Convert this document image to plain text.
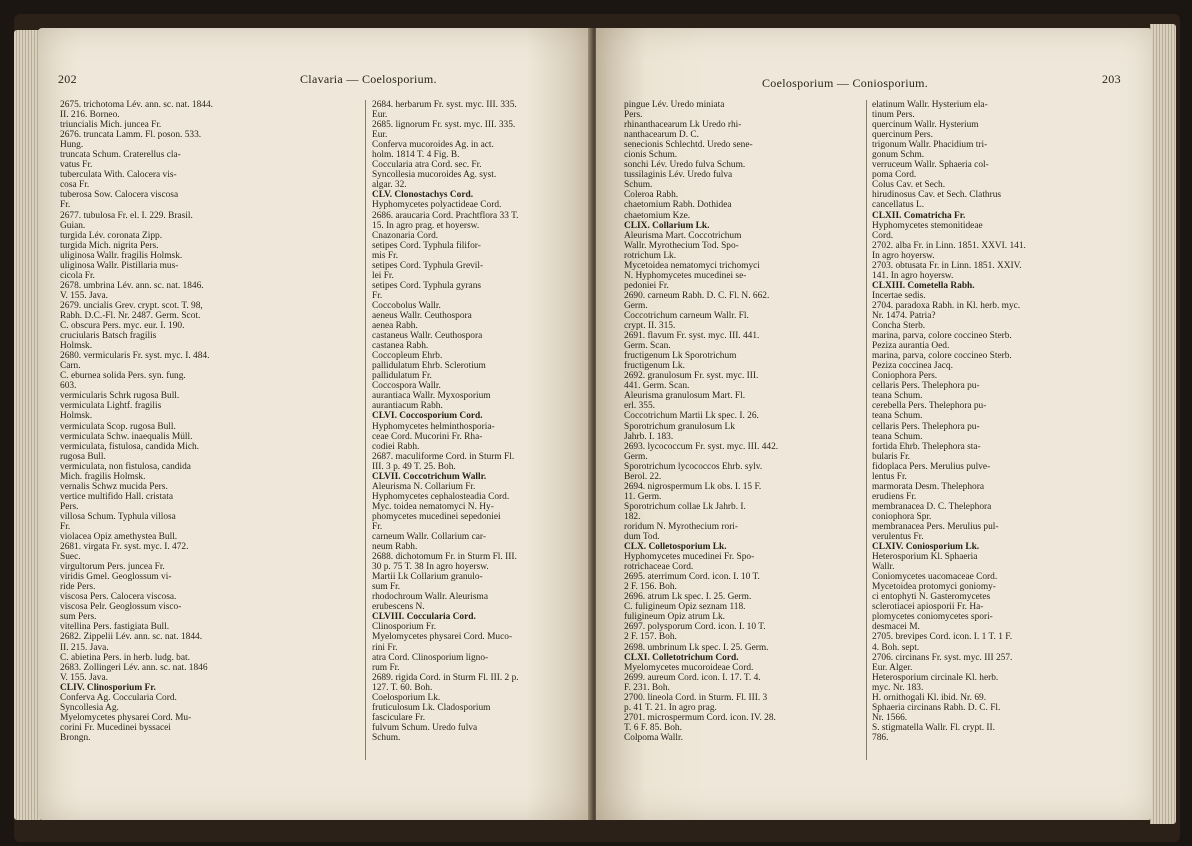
202	Clavaria — Coelosporium.	Coelosporium — Coniosporium.	203
2675. trichotoma Lév. ann. sc. nat. 1844.
II. 216. Borneo.
triuncialis Mich. juncea Fr.
2676. truncata Lamm. Fl. poson. 533.
Hung.
truncata Schum. Craterellus cla-
vatus Fr.
tuberculata With. Calocera vis-
cosa Fr.
tuberosa Sow. Calocera viscosa
Fr.
2677. tubulosa Fr. el. I. 229. Brasil.
Guian.
turgida Lév. coronata Zipp.
turgida Mich. nigrita Pers.
uliginosa Wallr. fragilis Holmsk.
uliginosa Wallr. Pistillaria mus-
cicola Fr.
2678. umbrina Lév. ann. sc. nat. 1846.
V. 155. Java.
2679. uncialis Grev. crypt. scot. T. 98,
Rabh. D.C.-Fl. Nr. 2487. Germ. Scot.
C. obscura Pers. myc. eur. I. 190.
cruciularis Batsch fragilis
Holmsk.
2680. vermicularis Fr. syst. myc. I. 484.
Carn.
C. eburnea solida Pers. syn. fung.
603.
vermicularis Schrk rugosa Bull.
vermiculata Lightf. fragilis
Holmsk.
vermiculata Scop. rugosa Bull.
vermiculata Schw. inaequalis Müll.
vermiculata, fistulosa, candida Mich.
rugosa Bull.
vermiculata, non fistulosa, candida
Mich. fragilis Holmsk.
vernalis Schwz mucida Pers.
vertice multifido Hall. cristata
Pers.
villosa Schum. Typhula villosa
Fr.
violacea Opiz amethystea Bull.
2681. virgata Fr. syst. myc. I. 472.
Suec.
virgultorum Pers. juncea Fr.
viridis Gmel. Geoglossum vi-
ride Pers.
viscosa Pers. Calocera viscosa.
viscosa Pelr. Geoglossum visco-
sum Pers.
vitellina Pers. fastigiata Bull.
2682. Zippelii Lév. ann. sc. nat. 1844.
II. 215. Java.
C. abietina Pers. in herb. ludg. bat.
2683. Zollingeri Lév. ann. sc. nat. 1846
V. 155. Java.
CLIV. Clinosporium Fr.
Conferva Ag. Coccularia Cord.
Syncollesia Ag.
Myelomycetes physarei Cord. Mu-
corini Fr. Mucedinei byssacei
Brongn.
2684. herbarum Fr. syst. myc. III. 335.
Eur.
2685. lignorum Fr. syst. myc. III. 335.
Eur.
Conferva mucoroides Ag. in act.
holm. 1814 T. 4 Fig. B.
Coccularia atra Cord. sec. Fr.
Syncollesia mucoroides Ag. syst.
algar. 32.
CLV. Clonostachys Cord.
Hyphomycetes polyactideae Cord.
2686. araucaria Cord. Prachtflora 33 T.
15. In agro prag. et hoyersw.
Cnazonaria Cord.
setipes Cord. Typhula filifor-
mis Fr.
setipes Cord. Typhula Grevil-
lei Fr.
setipes Cord. Typhula gyrans
Fr.
Coccobolus Wallr.
aeneus Wallr. Ceuthospora
aenea Rabh.
castaneus Wallr. Ceuthospora
castanea Rabh.
Coccopleum Ehrb.
pallidulatum Ehrb. Sclerotium
pallidulatum Fr.
Coccospora Wallr.
aurantiaca Wallr. Myxosporium
aurantiacum Rabh.
CLVI. Coccosporium Cord.
Hyphomycetes helminthosporia-
ceae Cord. Mucorini Fr. Rha-
codiei Rabh.
2687. maculiforme Cord. in Sturm Fl.
III. 3 p. 49 T. 25. Boh.
CLVII. Coccotrichum Wallr.
Aleurisma N. Collarium Fr.
Hyphomycetes cephalosteadia Cord.
Myc. toidea nematomyci N. Hy-
phomycetes mucedinei sepedoniei
Fr.
carneum Wallr. Collarium car-
neum Rabh.
2688. dichotomum Fr. in Sturm Fl. III.
30 p. 75 T. 38 In agro hoyersw.
Martii Lk Collarium granulo-
sum Fr.
rhodochroum Wallr. Aleurisma
erubescens N.
CLVIII. Coccularia Cord.
Clinosporium Fr.
Myelomycetes physarei Cord. Muco-
rini Fr.
atra Cord. Clinosporium ligno-
rum Fr.
2689. rigida Cord. in Sturm Fl. III. 2 p.
127. T. 60. Boh.
Coelosporium Lk.
fruticulosum Lk. Cladosporium
fasciculare Fr.
fulvum Schum. Uredo fulva
Schum.
pingue Lév. Uredo miniata
Pers.
rhinanthacearum Lk Uredo rhi-
nanthacearum D. C.
senecionis Schlechtd. Uredo sene-
cionis Schum.
sonchi Lév. Uredo fulva Schum.
tussilaginis Lév. Uredo fulva
Schum.
Coleroa Rabh.
chaetomium Rabh. Dothidea
chaetomium Kze.
CLIX. Collarium Lk.
Aleurisma Mart. Coccotrichum
Wallr. Myrothecium Tod. Spo-
rotrichum Lk.
Mycetoidea nematomyci trichomyci
N. Hyphomycetes mucedinei se-
pedoniei Fr.
2690. carneum Rabh. D. C. Fl. N. 662.
Germ.
Coccotrichum carneum Wallr. Fl.
crypt. II. 315.
2691. flavum Fr. syst. myc. III. 441.
Germ. Scan.
fructigenum Lk Sporotrichum
fructigenum Lk.
2692. granulosum Fr. syst. myc. III.
441. Germ. Scan.
Aleurisma granulosum Mart. Fl.
erl. 355.
Coccotrichum Martii Lk spec. I. 26.
Sporotrichum granulosum Lk
Jahrb. I. 183.
2693. lycococcum Fr. syst. myc. III. 442.
Germ.
Sporotrichum lycococcos Ehrb. sylv.
Berol. 22.
2694. nigrospermum Lk obs. I. 15 F.
11. Germ.
Sporotrichum collae Lk Jahrb. I.
182.
roridum N. Myrothecium rori-
dum Tod.
CLX. Colletosporium Lk.
Hyphomycetes mucedinei Fr. Spo-
rotrichaceae Cord.
2695. aterrimum Cord. icon. I. 10 T.
2 F. 156. Boh.
2696. atrum Lk spec. I. 25. Germ.
C. fuligineum Opiz seznam 118.
fuligineum Opiz atrum Lk.
2697. polysporum Cord. icon. I. 10 T.
2 F. 157. Boh.
2698. umbrinum Lk spec. I. 25. Germ.
CLXI. Colletotrichum Cord.
Myelomycetes mucoroideae Cord.
2699. aureum Cord. icon. I. 17. T. 4.
F. 231. Boh.
2700. lineola Cord. in Sturm. Fl. III. 3
p. 41 T. 21. In agro prag.
2701. microspermum Cord. icon. IV. 28.
T. 6 F. 85. Boh.
Colpoma Wallr.
elatinum Wallr. Hysterium ela-
tinum Pers.
quercinum Wallr. Hysterium
quercinum Pers.
trigonum Wallr. Phacidium tri-
gonum Schm.
verruceum Wallr. Sphaeria col-
poma Cord.
Colus Cav. et Sech.
hirudinosus Cav. et Sech. Clathrus
cancellatus L.
CLXII. Comatricha Fr.
Hyphomycetes stemonitideae
Cord.
2702. alba Fr. in Linn. 1851. XXVI. 141.
In agro hoyersw.
2703. obtusata Fr. in Linn. 1851. XXIV.
141. In agro hoyersw.
CLXIII. Cometella Rabh.
Incertae sedis.
2704. paradoxa Rabh. in Kl. herb. myc.
Nr. 1474. Patria?
Concha Sterb.
marina, parva, colore coccineo Sterb.
Peziza aurantia Oed.
marina, parva, colore coccineo Sterb.
Peziza coccinea Jacq.
Coniophora Pers.
cellaris Pers. Thelephora pu-
teana Schum.
cerebella Pers. Thelephora pu-
teana Schum.
cellaris Pers. Thelephora pu-
teana Schum.
fortida Ehrb. Thelephora sta-
bularis Fr.
fidoplaca Pers. Merulius pulve-
lentus Fr.
marmorata Desm. Thelephora
erudiens Fr.
membranacea D. C. Thelephora
coniophora Spr.
membranacea Pers. Merulius pul-
verulentus Fr.
CLXIV. Coniosporium Lk.
Heterosporium Kl. Sphaeria
Wallr.
Coniomycetes uacomaceae Cord.
Mycetoidea protomyci goniomy-
ci entophyti N. Gasteromycetes
sclerotiacei apiosporii Fr. Ha-
plomycetes coniomycetes spori-
desmacei M.
2705. brevipes Cord. icon. I. 1 T. 1 F.
4. Boh. sept.
2706. circinans Fr. syst. myc. III 257.
Eur. Alger.
Heterosporium circinale Kl. herb.
myc. Nr. 183.
H. ornithogali Kl. ibid. Nr. 69.
Sphaeria circinans Rabh. D. C. Fl.
Nr. 1566.
S. stigmatella Wallr. Fl. crypt. II.
786.
